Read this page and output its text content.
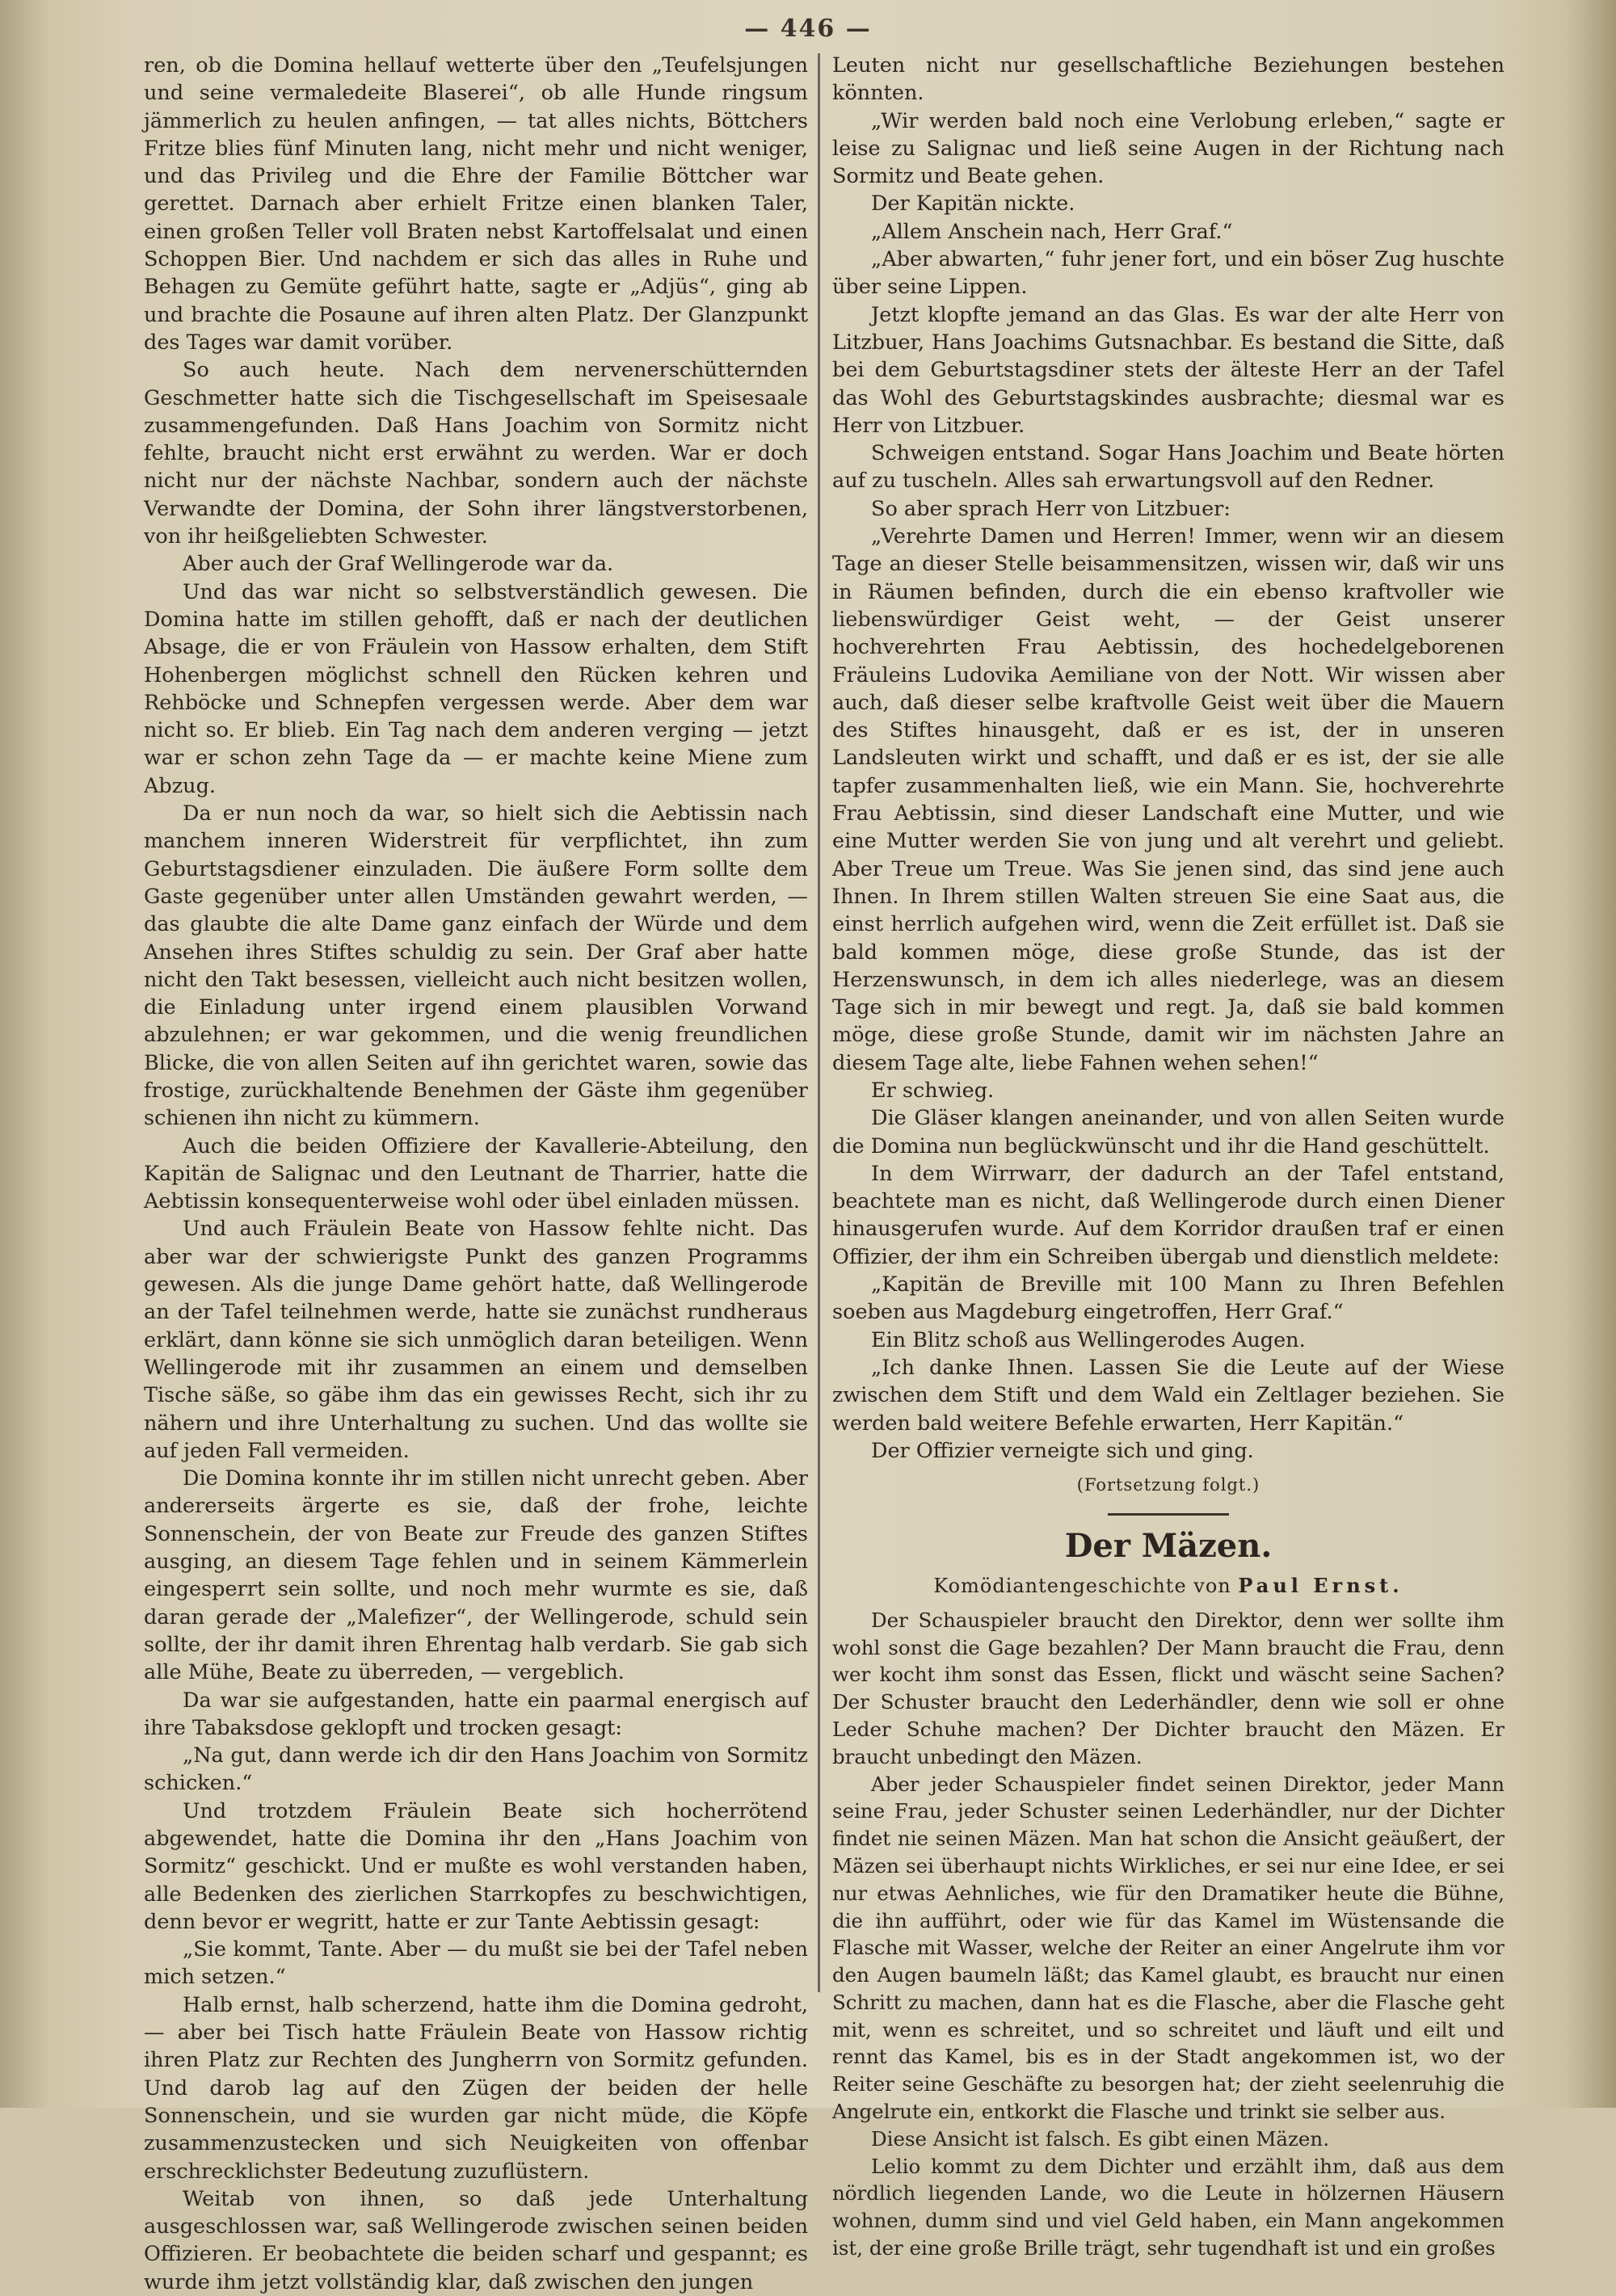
— 446 —

ren, ob die Domina hellauf wetterte über den „Teufelsjungen und seine vermaledeite Blaserei“, ob alle Hunde ringsum jämmerlich zu heulen anfingen, — tat alles nichts, Böttchers Fritze blies fünf Minuten lang, nicht mehr und nicht weniger, und das Privileg und die Ehre der Familie Böttcher war gerettet. Darnach aber erhielt Fritze einen blanken Taler, einen großen Teller voll Braten nebst Kartoffelsalat und einen Schoppen Bier. Und nachdem er sich das alles in Ruhe und Behagen zu Gemüte geführt hatte, sagte er „Adjüs“, ging ab und brachte die Posaune auf ihren alten Platz. Der Glanzpunkt des Tages war damit vorüber.

So auch heute. Nach dem nervenerschütternden Geschmetter hatte sich die Tischgesellschaft im Speisesaale zusammengefunden. Daß Hans Joachim von Sormitz nicht fehlte, braucht nicht erst erwähnt zu werden. War er doch nicht nur der nächste Nachbar, sondern auch der nächste Verwandte der Domina, der Sohn ihrer längstverstorbenen, von ihr heißgeliebten Schwester.

Aber auch der Graf Wellingerode war da.

Und das war nicht so selbstverständlich gewesen. Die Domina hatte im stillen gehofft, daß er nach der deutlichen Absage, die er von Fräulein von Hassow erhalten, dem Stift Hohenbergen möglichst schnell den Rücken kehren und Rehböcke und Schnepfen vergessen werde. Aber dem war nicht so. Er blieb. Ein Tag nach dem anderen verging — jetzt war er schon zehn Tage da — er machte keine Miene zum Abzug.

Da er nun noch da war, so hielt sich die Aebtissin nach manchem inneren Widerstreit für verpflichtet, ihn zum Geburtstagsdiener einzuladen. Die äußere Form sollte dem Gaste gegenüber unter allen Umständen gewahrt werden, — das glaubte die alte Dame ganz einfach der Würde und dem Ansehen ihres Stiftes schuldig zu sein. Der Graf aber hatte nicht den Takt besessen, vielleicht auch nicht besitzen wollen, die Einladung unter irgend einem plausiblen Vorwand abzulehnen; er war gekommen, und die wenig freundlichen Blicke, die von allen Seiten auf ihn gerichtet waren, sowie das frostige, zurückhaltende Benehmen der Gäste ihm gegenüber schienen ihn nicht zu kümmern.

Auch die beiden Offiziere der Kavallerie-Abteilung, den Kapitän de Salignac und den Leutnant de Tharrier, hatte die Aebtissin konsequenterweise wohl oder übel einladen müssen.

Und auch Fräulein Beate von Hassow fehlte nicht. Das aber war der schwierigste Punkt des ganzen Programms gewesen. Als die junge Dame gehört hatte, daß Wellingerode an der Tafel teilnehmen werde, hatte sie zunächst rundheraus erklärt, dann könne sie sich unmöglich daran beteiligen. Wenn Wellingerode mit ihr zusammen an einem und demselben Tische säße, so gäbe ihm das ein gewisses Recht, sich ihr zu nähern und ihre Unterhaltung zu suchen. Und das wollte sie auf jeden Fall vermeiden.

Die Domina konnte ihr im stillen nicht unrecht geben. Aber andererseits ärgerte es sie, daß der frohe, leichte Sonnenschein, der von Beate zur Freude des ganzen Stiftes ausging, an diesem Tage fehlen und in seinem Kämmerlein eingesperrt sein sollte, und noch mehr wurmte es sie, daß daran gerade der „Malefizer“, der Wellingerode, schuld sein sollte, der ihr damit ihren Ehrentag halb verdarb. Sie gab sich alle Mühe, Beate zu überreden, — vergeblich.

Da war sie aufgestanden, hatte ein paarmal energisch auf ihre Tabaksdose geklopft und trocken gesagt:

„Na gut, dann werde ich dir den Hans Joachim von Sormitz schicken.“

Und trotzdem Fräulein Beate sich hocherrötend abgewendet, hatte die Domina ihr den „Hans Joachim von Sormitz“ geschickt. Und er mußte es wohl verstanden haben, alle Bedenken des zierlichen Starrkopfes zu beschwichtigen, denn bevor er wegritt, hatte er zur Tante Aebtissin gesagt:

„Sie kommt, Tante. Aber — du mußt sie bei der Tafel neben mich setzen.“

Halb ernst, halb scherzend, hatte ihm die Domina gedroht, — aber bei Tisch hatte Fräulein Beate von Hassow richtig ihren Platz zur Rechten des Jungherrn von Sormitz gefunden. Und darob lag auf den Zügen der beiden der helle Sonnenschein, und sie wurden gar nicht müde, die Köpfe zusammenzustecken und sich Neuigkeiten von offenbar erschrecklichster Bedeutung zuzuflüstern.

Weitab von ihnen, so daß jede Unterhaltung ausgeschlossen war, saß Wellingerode zwischen seinen beiden Offizieren. Er beobachtete die beiden scharf und gespannt; es wurde ihm jetzt vollständig klar, daß zwischen den jungen

Leuten nicht nur gesellschaftliche Beziehungen bestehen könnten.

„Wir werden bald noch eine Verlobung erleben,“ sagte er leise zu Salignac und ließ seine Augen in der Richtung nach Sormitz und Beate gehen.

Der Kapitän nickte.

„Allem Anschein nach, Herr Graf.“

„Aber abwarten,“ fuhr jener fort, und ein böser Zug huschte über seine Lippen.

Jetzt klopfte jemand an das Glas. Es war der alte Herr von Litzbuer, Hans Joachims Gutsnachbar. Es bestand die Sitte, daß bei dem Geburtstagsdiner stets der älteste Herr an der Tafel das Wohl des Geburtstagskindes ausbrachte; diesmal war es Herr von Litzbuer.

Schweigen entstand. Sogar Hans Joachim und Beate hörten auf zu tuscheln. Alles sah erwartungsvoll auf den Redner.

So aber sprach Herr von Litzbuer:

„Verehrte Damen und Herren! Immer, wenn wir an diesem Tage an dieser Stelle beisammensitzen, wissen wir, daß wir uns in Räumen befinden, durch die ein ebenso kraftvoller wie liebenswürdiger Geist weht, — der Geist unserer hochverehrten Frau Aebtissin, des hochedelgeborenen Fräuleins Ludovika Aemiliane von der Nott. Wir wissen aber auch, daß dieser selbe kraftvolle Geist weit über die Mauern des Stiftes hinausgeht, daß er es ist, der in unseren Landsleuten wirkt und schafft, und daß er es ist, der sie alle tapfer zusammenhalten ließ, wie ein Mann. Sie, hochverehrte Frau Aebtissin, sind dieser Landschaft eine Mutter, und wie eine Mutter werden Sie von jung und alt verehrt und geliebt. Aber Treue um Treue. Was Sie jenen sind, das sind jene auch Ihnen. In Ihrem stillen Walten streuen Sie eine Saat aus, die einst herrlich aufgehen wird, wenn die Zeit erfüllet ist. Daß sie bald kommen möge, diese große Stunde, das ist der Herzenswunsch, in dem ich alles niederlege, was an diesem Tage sich in mir bewegt und regt. Ja, daß sie bald kommen möge, diese große Stunde, damit wir im nächsten Jahre an diesem Tage alte, liebe Fahnen wehen sehen!“

Er schwieg.

Die Gläser klangen aneinander, und von allen Seiten wurde die Domina nun beglückwünscht und ihr die Hand geschüttelt.

In dem Wirrwarr, der dadurch an der Tafel entstand, beachtete man es nicht, daß Wellingerode durch einen Diener hinausgerufen wurde. Auf dem Korridor draußen traf er einen Offizier, der ihm ein Schreiben übergab und dienstlich meldete:

„Kapitän de Breville mit 100 Mann zu Ihren Befehlen soeben aus Magdeburg eingetroffen, Herr Graf.“

Ein Blitz schoß aus Wellingerodes Augen.

„Ich danke Ihnen. Lassen Sie die Leute auf der Wiese zwischen dem Stift und dem Wald ein Zeltlager beziehen. Sie werden bald weitere Befehle erwarten, Herr Kapitän.“

Der Offizier verneigte sich und ging.

(Fortsetzung folgt.)

Der Mäzen.
Komödiantengeschichte von Paul Ernst.

Der Schauspieler braucht den Direktor, denn wer sollte ihm wohl sonst die Gage bezahlen? Der Mann braucht die Frau, denn wer kocht ihm sonst das Essen, flickt und wäscht seine Sachen? Der Schuster braucht den Lederhändler, denn wie soll er ohne Leder Schuhe machen? Der Dichter braucht den Mäzen. Er braucht unbedingt den Mäzen.

Aber jeder Schauspieler findet seinen Direktor, jeder Mann seine Frau, jeder Schuster seinen Lederhändler, nur der Dichter findet nie seinen Mäzen. Man hat schon die Ansicht geäußert, der Mäzen sei überhaupt nichts Wirkliches, er sei nur eine Idee, er sei nur etwas Aehnliches, wie für den Dramatiker heute die Bühne, die ihn aufführt, oder wie für das Kamel im Wüstensande die Flasche mit Wasser, welche der Reiter an einer Angelrute ihm vor den Augen baumeln läßt; das Kamel glaubt, es braucht nur einen Schritt zu machen, dann hat es die Flasche, aber die Flasche geht mit, wenn es schreitet, und so schreitet und läuft und eilt und rennt das Kamel, bis es in der Stadt angekommen ist, wo der Reiter seine Geschäfte zu besorgen hat; der zieht seelenruhig die Angelrute ein, entkorkt die Flasche und trinkt sie selber aus.

Diese Ansicht ist falsch. Es gibt einen Mäzen.

Lelio kommt zu dem Dichter und erzählt ihm, daß aus dem nördlich liegenden Lande, wo die Leute in hölzernen Häusern wohnen, dumm sind und viel Geld haben, ein Mann angekommen ist, der eine große Brille trägt, sehr tugendhaft ist und ein großes
